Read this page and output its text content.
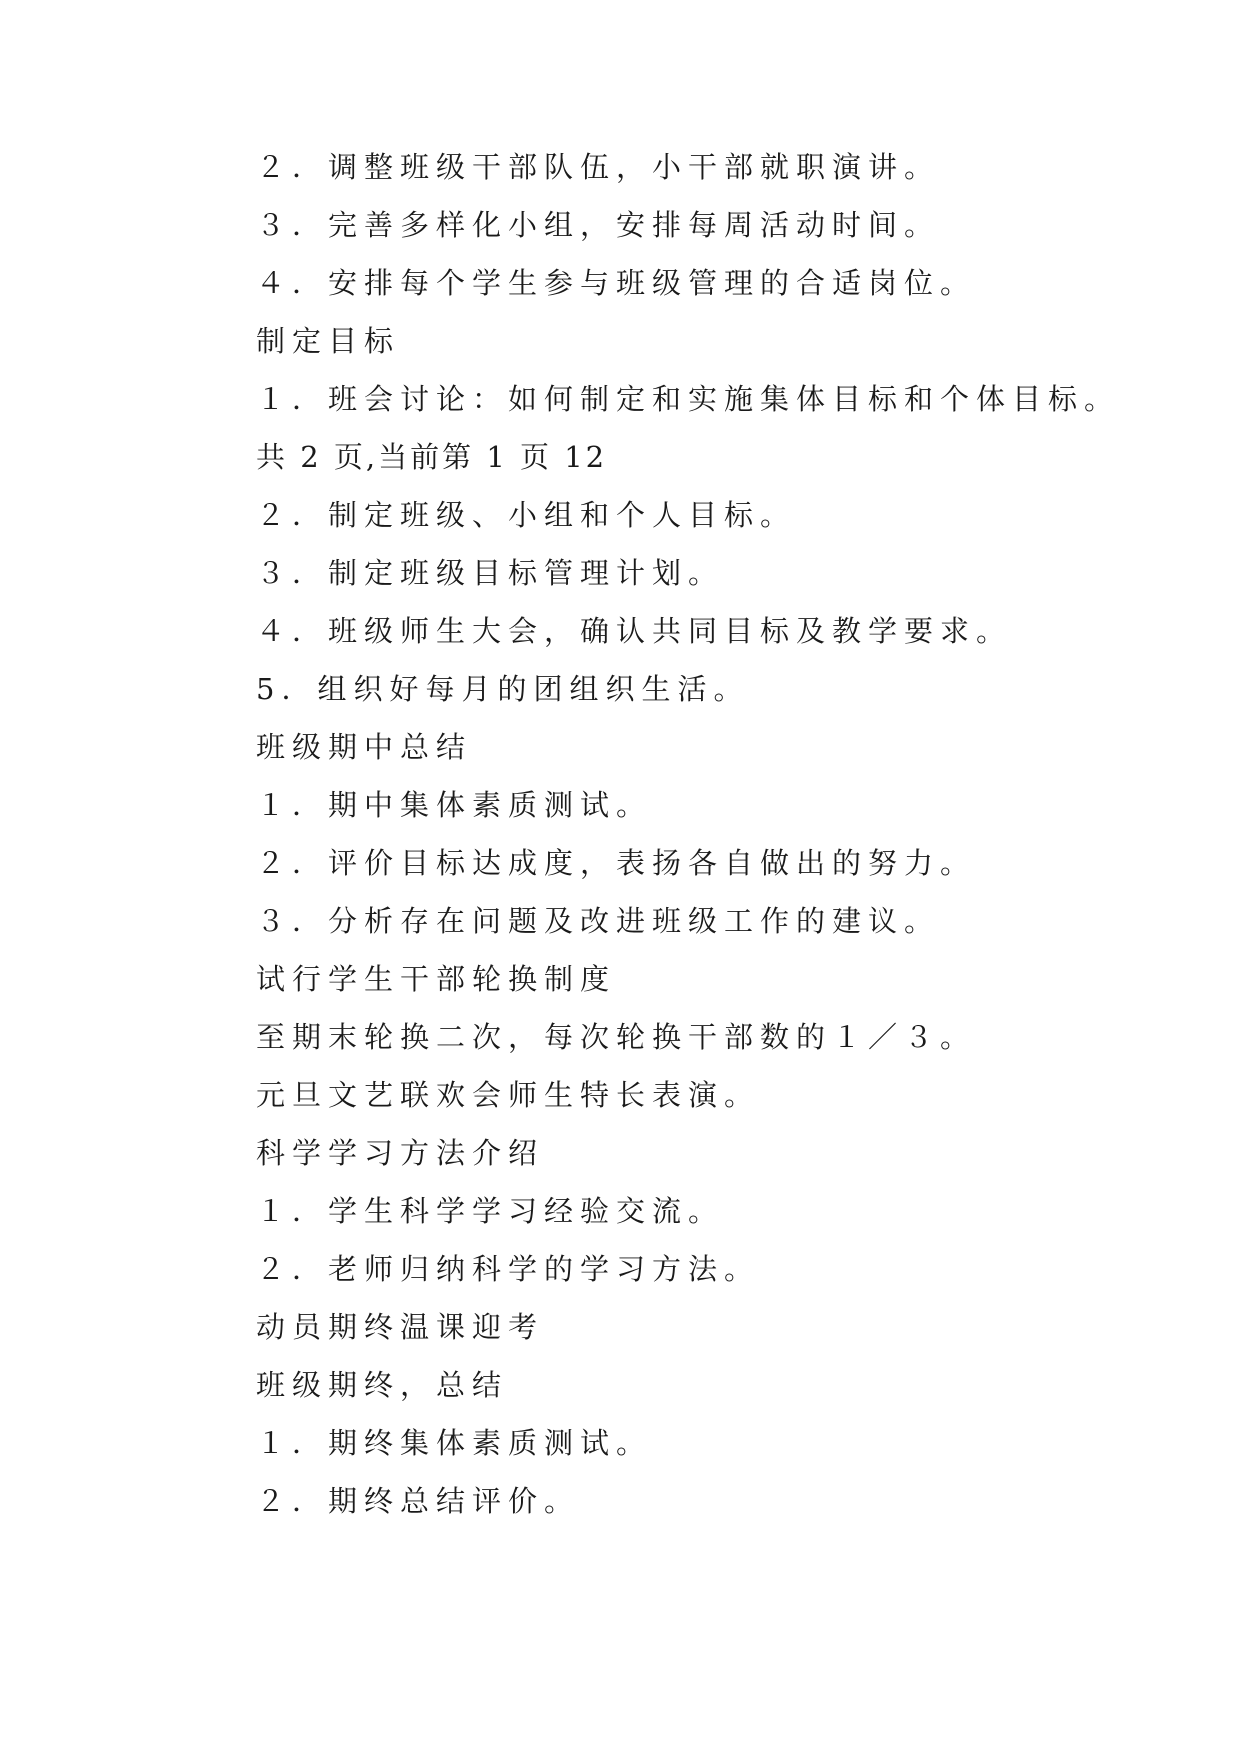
２．调整班级干部队伍，小干部就职演讲。
３．完善多样化小组，安排每周活动时间。
４．安排每个学生参与班级管理的合适岗位。
制定目标
１．班会讨论：如何制定和实施集体目标和个体目标。
共 2 页,当前第 1 页 12
２．制定班级、小组和个人目标。
３．制定班级目标管理计划。
４．班级师生大会，确认共同目标及教学要求。
5．组织好每月的团组织生活。
班级期中总结
１．期中集体素质测试。
２．评价目标达成度，表扬各自做出的努力。
３．分析存在问题及改进班级工作的建议。
试行学生干部轮换制度
至期末轮换二次，每次轮换干部数的１／３。
元旦文艺联欢会师生特长表演。
科学学习方法介绍
１．学生科学学习经验交流。
２．老师归纳科学的学习方法。
动员期终温课迎考
班级期终，总结
１．期终集体素质测试。
２．期终总结评价。
